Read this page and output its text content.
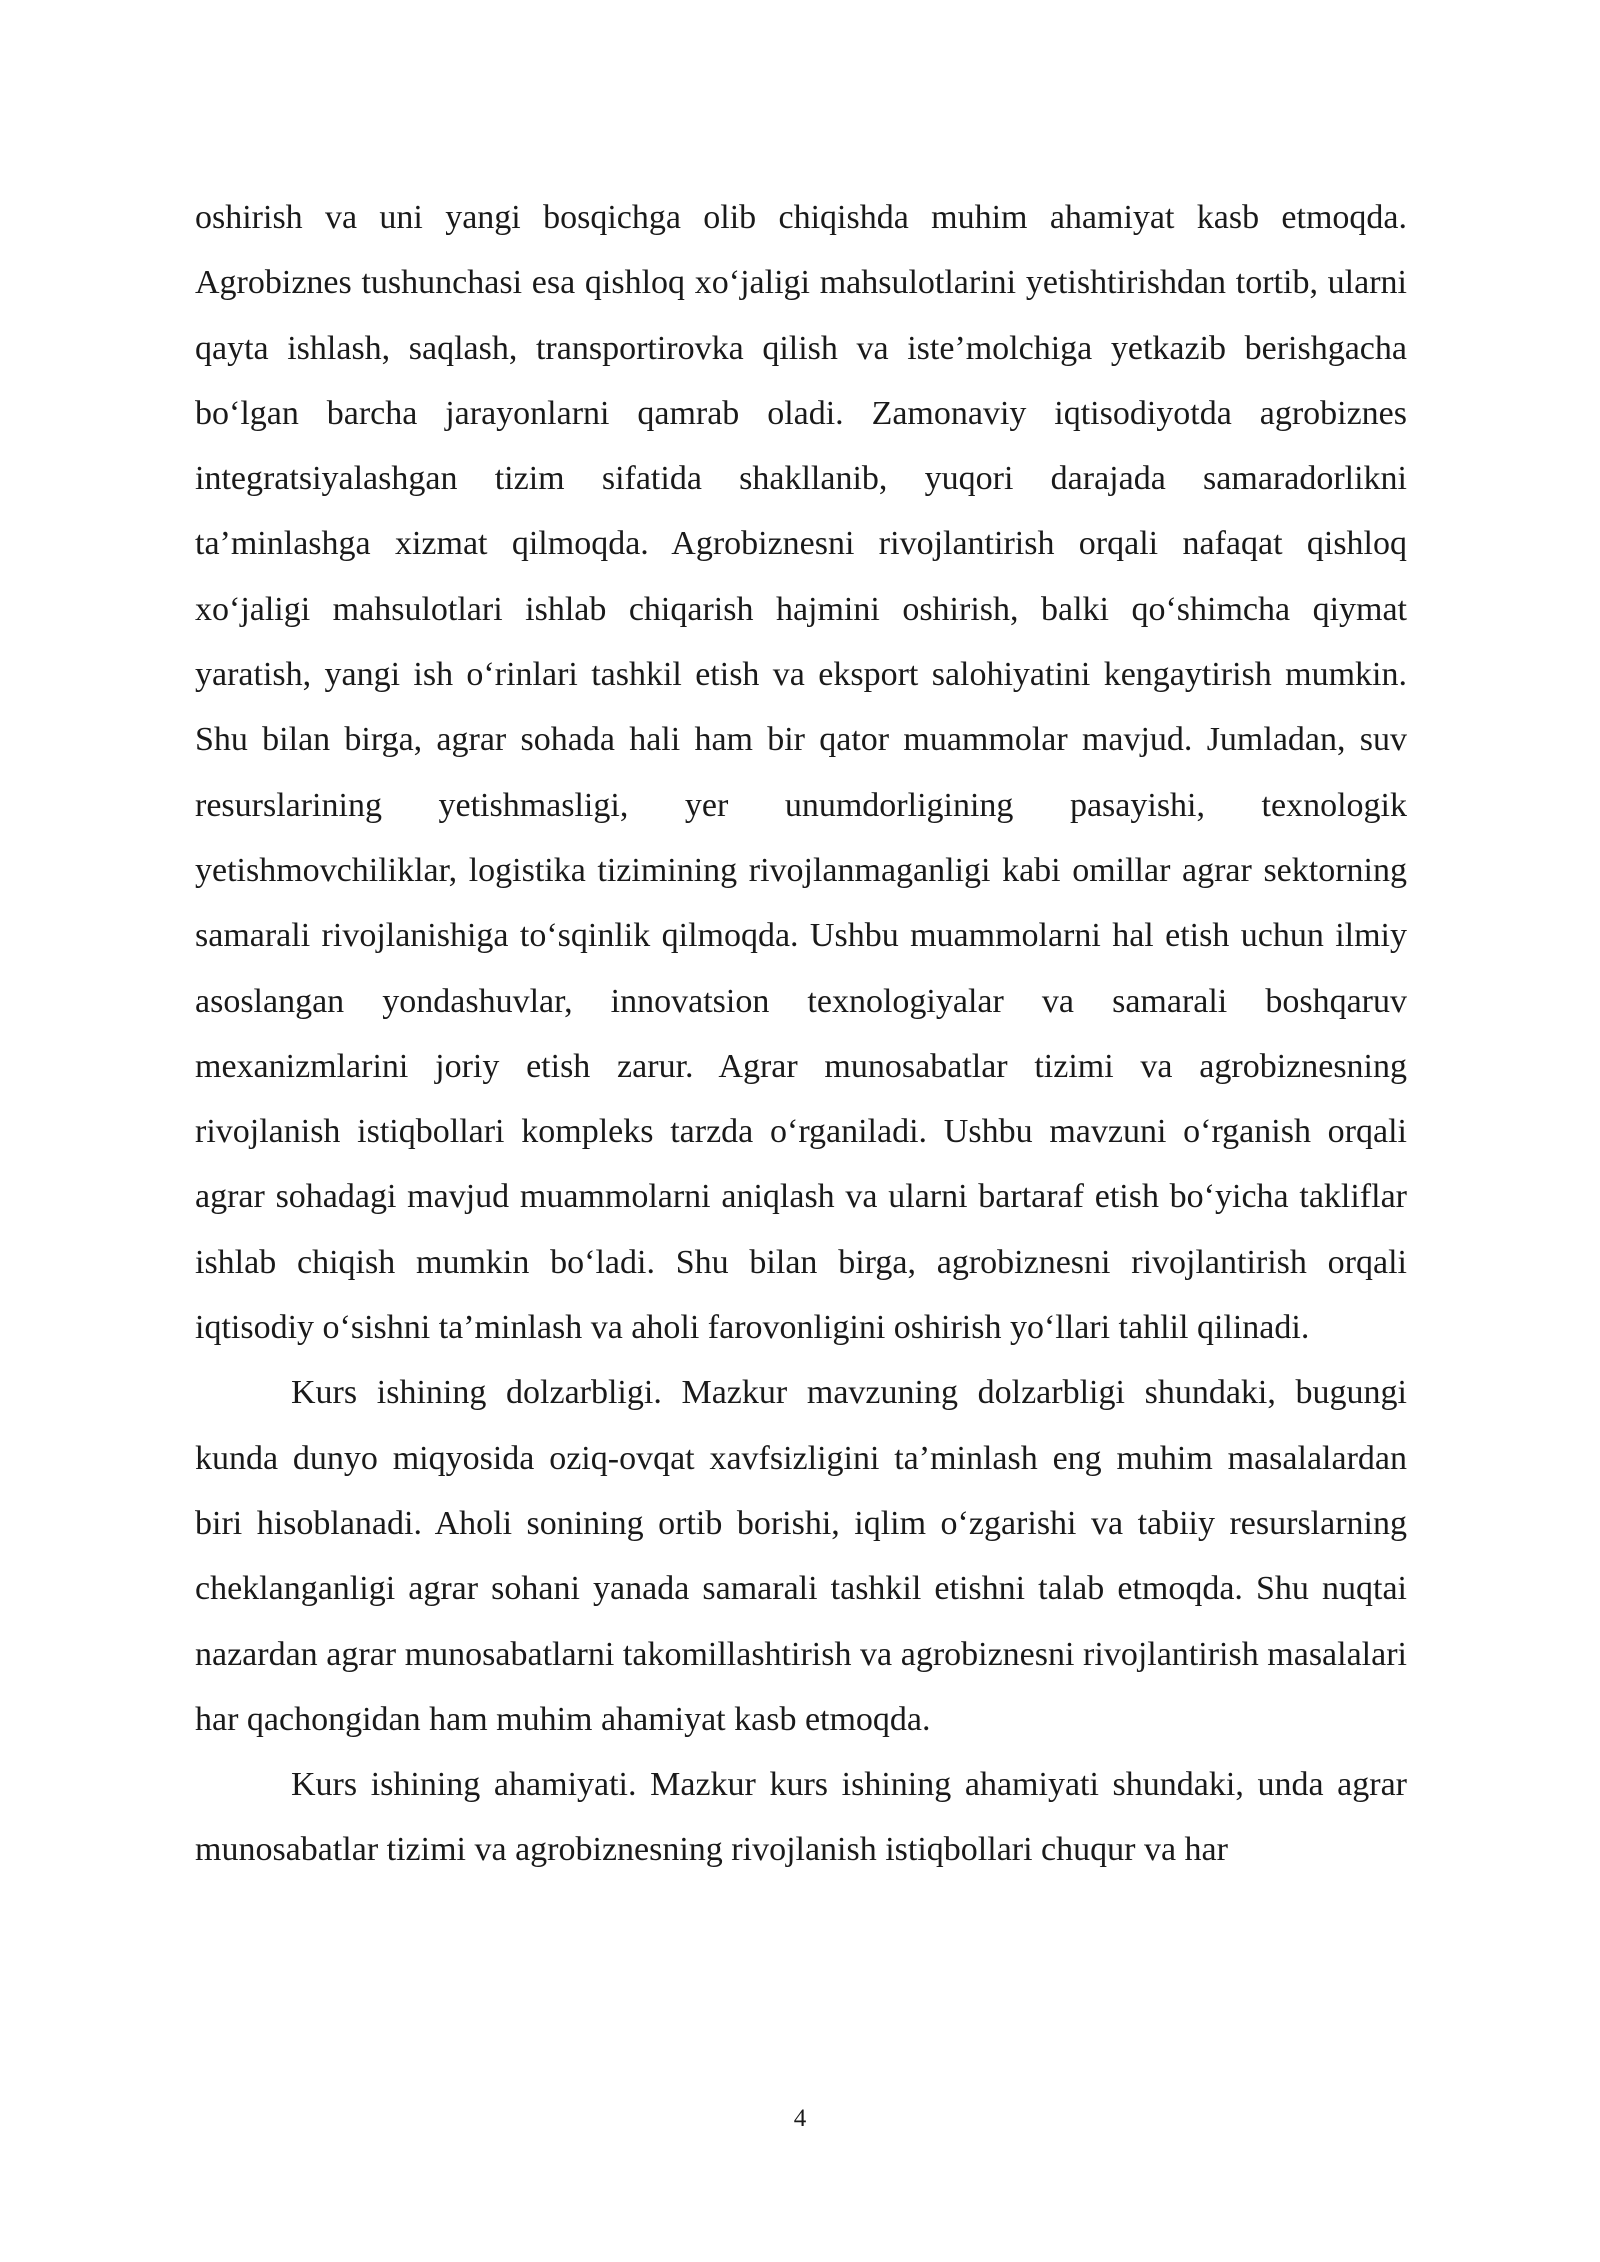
oshirish va uni yangi bosqichga olib chiqishda muhim ahamiyat kasb etmoqda. Agrobiznes tushunchasi esa qishloq xo‘jaligi mahsulotlarini yetishtirishdan tortib, ularni qayta ishlash, saqlash, transportirovka qilish va iste’molchiga yetkazib berishgacha bo‘lgan barcha jarayonlarni qamrab oladi. Zamonaviy iqtisodiyotda agrobiznes integratsiyalashgan tizim sifatida shakllanib, yuqori darajada samaradorlikni ta’minlashga xizmat qilmoqda. Agrobiznesni rivojlantirish orqali nafaqat qishloq xo‘jaligi mahsulotlari ishlab chiqarish hajmini oshirish, balki qo‘shimcha qiymat yaratish, yangi ish o‘rinlari tashkil etish va eksport salohiyatini kengaytirish mumkin. Shu bilan birga, agrar sohada hali ham bir qator muammolar mavjud. Jumladan, suv resurslarining yetishmasligi, yer unumdorligining pasayishi, texnologik yetishmovchiliklar, logistika tizimining rivojlanmaganligi kabi omillar agrar sektorning samarali rivojlanishiga to‘sqinlik qilmoqda. Ushbu muammolarni hal etish uchun ilmiy asoslangan yondashuvlar, innovatsion texnologiyalar va samarali boshqaruv mexanizmlarini joriy etish zarur. Agrar munosabatlar tizimi va agrobiznesning rivojlanish istiqbollari kompleks tarzda o‘rganiladi. Ushbu mavzuni o‘rganish orqali agrar sohadagi mavjud muammolarni aniqlash va ularni bartaraf etish bo‘yicha takliflar ishlab chiqish mumkin bo‘ladi. Shu bilan birga, agrobiznesni rivojlantirish orqali iqtisodiy o‘sishni ta’minlash va aholi farovonligini oshirish yo‘llari tahlil qilinadi.

Kurs ishining dolzarbligi. Mazkur mavzuning dolzarbligi shundaki, bugungi kunda dunyo miqyosida oziq-ovqat xavfsizligini ta’minlash eng muhim masalalardan biri hisoblanadi. Aholi sonining ortib borishi, iqlim o‘zgarishi va tabiiy resurslarning cheklanganligi agrar sohani yanada samarali tashkil etishni talab etmoqda. Shu nuqtai nazardan agrar munosabatlarni takomillashtirish va agrobiznesni rivojlantirish masalalari har qachongidan ham muhim ahamiyat kasb etmoqda.

Kurs ishining ahamiyati. Mazkur kurs ishining ahamiyati shundaki, unda agrar munosabatlar tizimi va agrobiznesning rivojlanish istiqbollari chuqur va har

4
